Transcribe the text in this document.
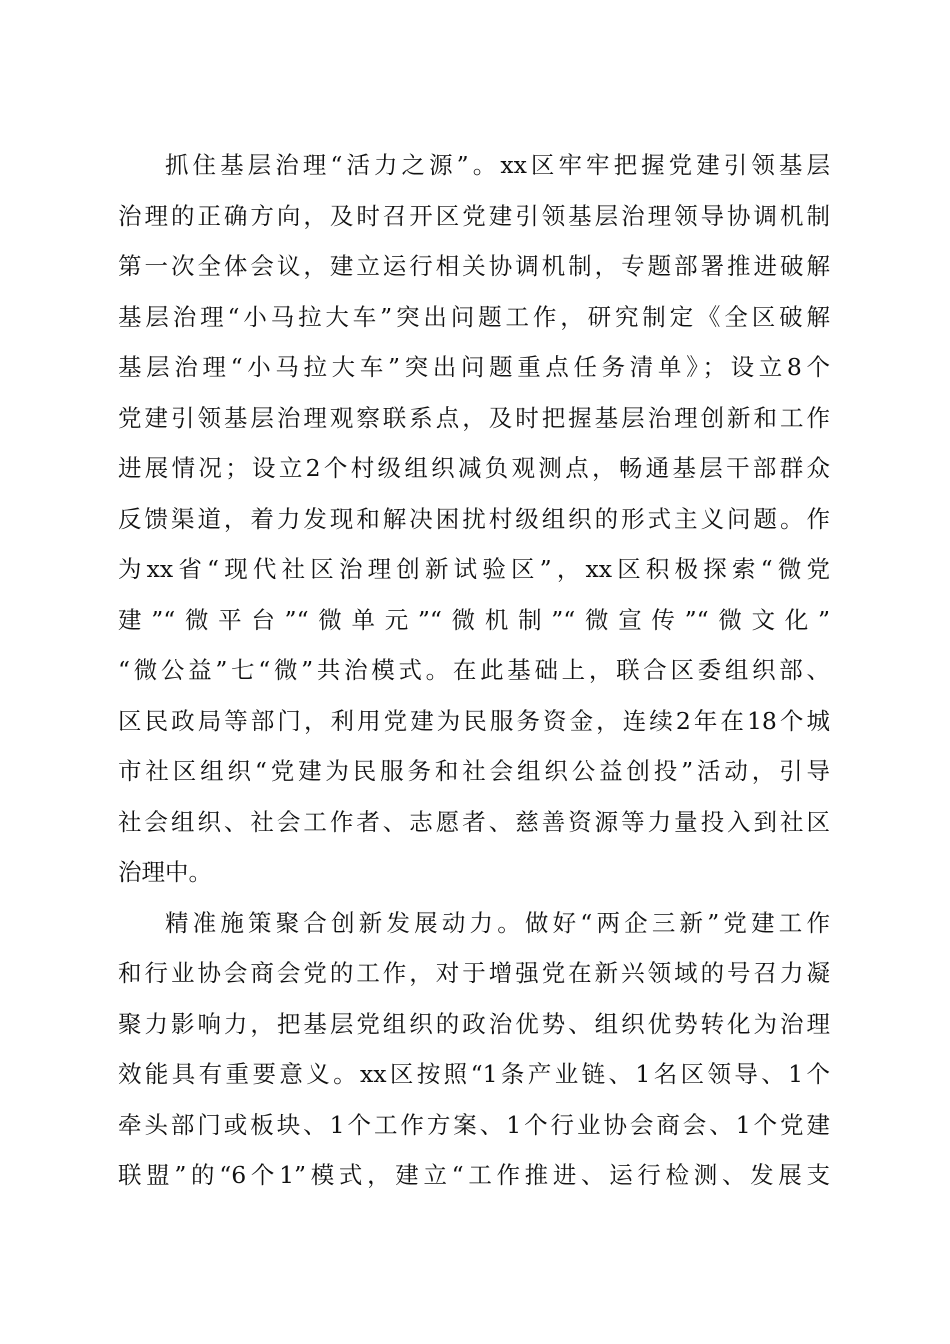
抓住基层治理“活力之源”。xx区牢牢把握党建引领基层
治理的正确方向，及时召开区党建引领基层治理领导协调机制
第一次全体会议，建立运行相关协调机制，专题部署推进破解
基层治理“小马拉大车”突出问题工作，研究制定《全区破解
基层治理“小马拉大车”突出问题重点任务清单》；设立8个
党建引领基层治理观察联系点，及时把握基层治理创新和工作
进展情况；设立2个村级组织减负观测点，畅通基层干部群众
反馈渠道，着力发现和解决困扰村级组织的形式主义问题。作
为xx省“现代社区治理创新试验区”，xx区积极探索“微党
建”“微平台”“微单元”“微机制”“微宣传”“微文化”
“微公益”七“微”共治模式。在此基础上，联合区委组织部、
区民政局等部门，利用党建为民服务资金，连续2年在18个城
市社区组织“党建为民服务和社会组织公益创投”活动，引导
社会组织、社会工作者、志愿者、慈善资源等力量投入到社区
治理中。
精准施策聚合创新发展动力。做好“两企三新”党建工作
和行业协会商会党的工作，对于增强党在新兴领域的号召力凝
聚力影响力，把基层党组织的政治优势、组织优势转化为治理
效能具有重要意义。xx区按照“1条产业链、1名区领导、1个
牵头部门或板块、1个工作方案、1个行业协会商会、1个党建
联盟”的“6个1”模式，建立“工作推进、运行检测、发展支
